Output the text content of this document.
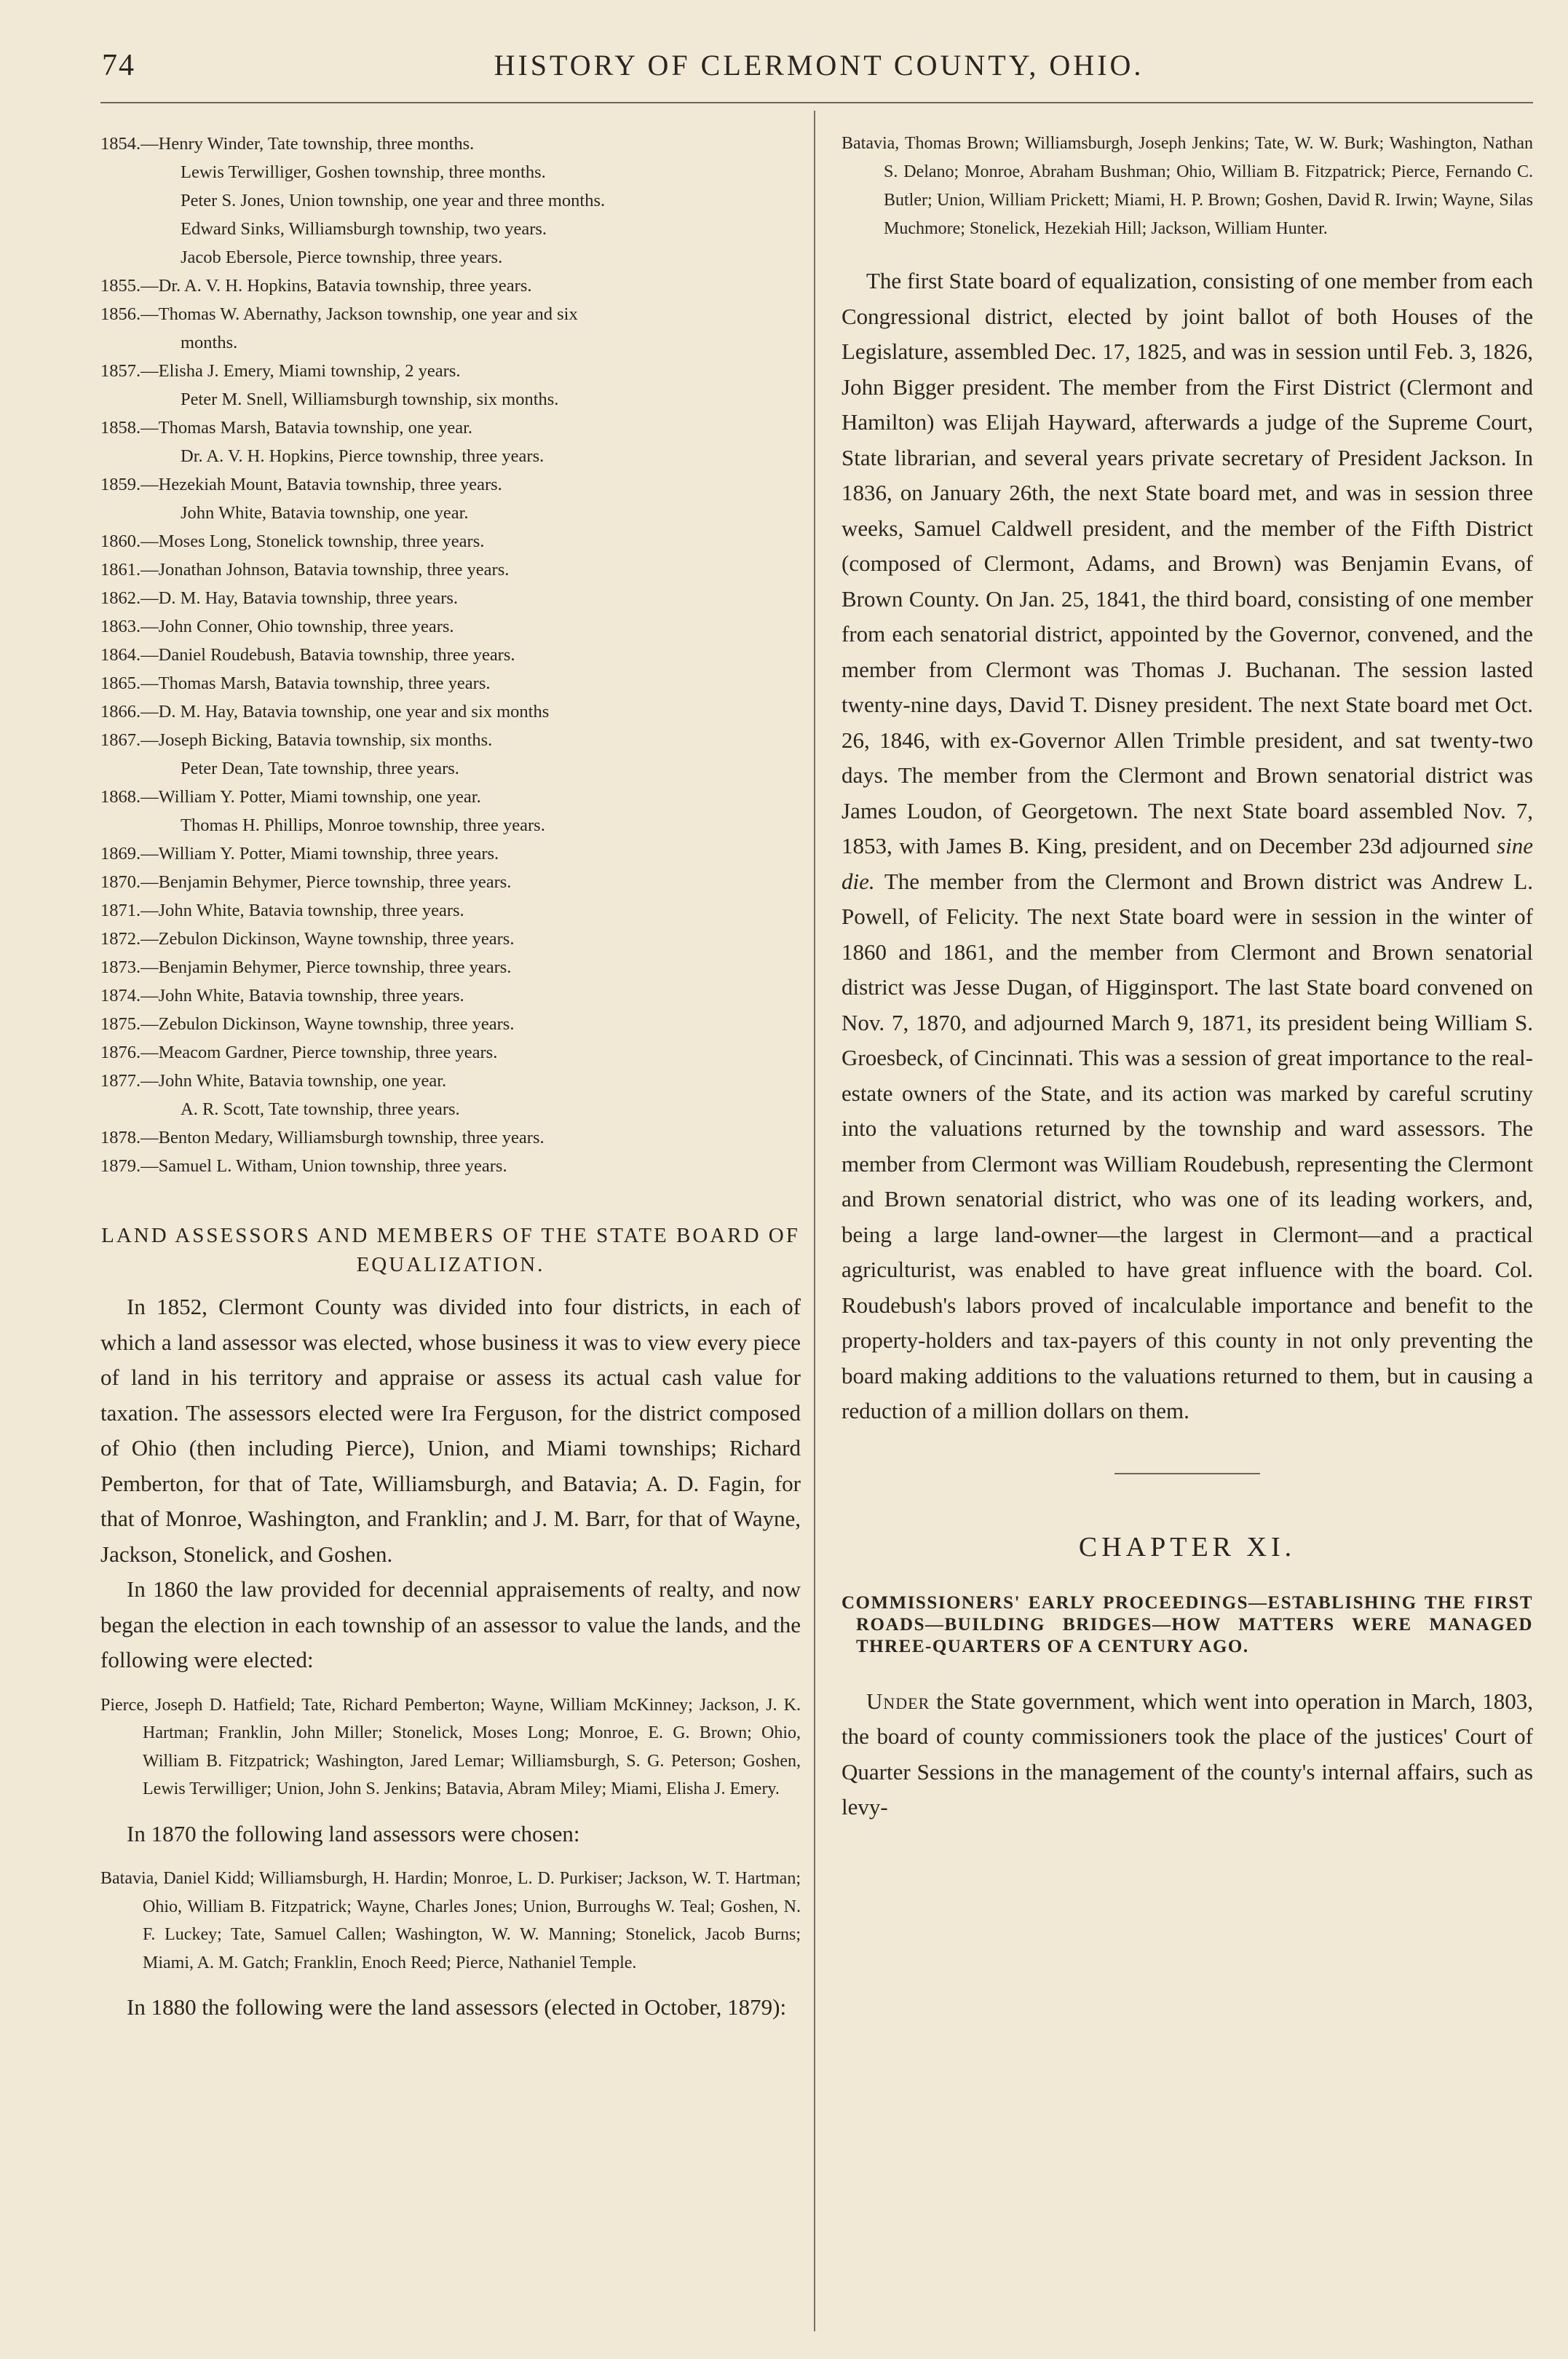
74	HISTORY OF CLERMONT COUNTY, OHIO.
1854.—Henry Winder, Tate township, three months.
Lewis Terwilliger, Goshen township, three months.
Peter S. Jones, Union township, one year and three months.
Edward Sinks, Williamsburgh township, two years.
Jacob Ebersole, Pierce township, three years.
1855.—Dr. A. V. H. Hopkins, Batavia township, three years.
1856.—Thomas W. Abernathy, Jackson township, one year and six
months.
1857.—Elisha J. Emery, Miami township, 2 years.
Peter M. Snell, Williamsburgh township, six months.
1858.—Thomas Marsh, Batavia township, one year.
Dr. A. V. H. Hopkins, Pierce township, three years.
1859.—Hezekiah Mount, Batavia township, three years.
John White, Batavia township, one year.
1860.—Moses Long, Stonelick township, three years.
1861.—Jonathan Johnson, Batavia township, three years.
1862.—D. M. Hay, Batavia township, three years.
1863.—John Conner, Ohio township, three years.
1864.—Daniel Roudebush, Batavia township, three years.
1865.—Thomas Marsh, Batavia township, three years.
1866.—D. M. Hay, Batavia township, one year and six months
1867.—Joseph Bicking, Batavia township, six months.
Peter Dean, Tate township, three years.
1868.—William Y. Potter, Miami township, one year.
Thomas H. Phillips, Monroe township, three years.
1869.—William Y. Potter, Miami township, three years.
1870.—Benjamin Behymer, Pierce township, three years.
1871.—John White, Batavia township, three years.
1872.—Zebulon Dickinson, Wayne township, three years.
1873.—Benjamin Behymer, Pierce township, three years.
1874.—John White, Batavia township, three years.
1875.—Zebulon Dickinson, Wayne township, three years.
1876.—Meacom Gardner, Pierce township, three years.
1877.—John White, Batavia township, one year.
A. R. Scott, Tate township, three years.
1878.—Benton Medary, Williamsburgh township, three years.
1879.—Samuel L. Witham, Union township, three years.
LAND ASSESSORS AND MEMBERS OF THE STATE BOARD OF EQUALIZATION.

In 1852, Clermont County was divided into four districts, in each of which a land assessor was elected, whose business it was to view every piece of land in his territory and appraise or assess its actual cash value for taxation. The assessors elected were Ira Ferguson, for the district composed of Ohio (then including Pierce), Union, and Miami townships; Richard Pemberton, for that of Tate, Williamsburgh, and Batavia; A. D. Fagin, for that of Monroe, Washington, and Franklin; and J. M. Barr, for that of Wayne, Jackson, Stonelick, and Goshen.

In 1860 the law provided for decennial appraisements of realty, and now began the election in each township of an assessor to value the lands, and the following were elected:

Pierce, Joseph D. Hatfield; Tate, Richard Pemberton; Wayne, William McKinney; Jackson, J. K. Hartman; Franklin, John Miller; Stonelick, Moses Long; Monroe, E. G. Brown; Ohio, William B. Fitzpatrick; Washington, Jared Lemar; Williamsburgh, S. G. Peterson; Goshen, Lewis Terwilliger; Union, John S. Jenkins; Batavia, Abram Miley; Miami, Elisha J. Emery.

In 1870 the following land assessors were chosen:

Batavia, Daniel Kidd; Williamsburgh, H. Hardin; Monroe, L. D. Purkiser; Jackson, W. T. Hartman; Ohio, William B. Fitzpatrick; Wayne, Charles Jones; Union, Burroughs W. Teal; Goshen, N. F. Luckey; Tate, Samuel Callen; Washington, W. W. Manning; Stonelick, Jacob Burns; Miami, A. M. Gatch; Franklin, Enoch Reed; Pierce, Nathaniel Temple.

In 1880 the following were the land assessors (elected in October, 1879):

Batavia, Thomas Brown; Williamsburgh, Joseph Jenkins; Tate, W. W. Burk; Washington, Nathan S. Delano; Monroe, Abraham Bushman; Ohio, William B. Fitzpatrick; Pierce, Fernando C. Butler; Union, William Prickett; Miami, H. P. Brown; Goshen, David R. Irwin; Wayne, Silas Muchmore; Stonelick, Hezekiah Hill; Jackson, William Hunter.

The first State board of equalization, consisting of one member from each Congressional district, elected by joint ballot of both Houses of the Legislature, assembled Dec. 17, 1825, and was in session until Feb. 3, 1826, John Bigger president. The member from the First District (Clermont and Hamilton) was Elijah Hayward, afterwards a judge of the Supreme Court, State librarian, and several years private secretary of President Jackson. In 1836, on January 26th, the next State board met, and was in session three weeks, Samuel Caldwell president, and the member of the Fifth District (composed of Clermont, Adams, and Brown) was Benjamin Evans, of Brown County. On Jan. 25, 1841, the third board, consisting of one member from each senatorial district, appointed by the Governor, convened, and the member from Clermont was Thomas J. Buchanan. The session lasted twenty-nine days, David T. Disney president. The next State board met Oct. 26, 1846, with ex-Governor Allen Trimble president, and sat twenty-two days. The member from the Clermont and Brown senatorial district was James Loudon, of Georgetown. The next State board assembled Nov. 7, 1853, with James B. King, president, and on December 23d adjourned sine die. The member from the Clermont and Brown district was Andrew L. Powell, of Felicity. The next State board were in session in the winter of 1860 and 1861, and the member from Clermont and Brown senatorial district was Jesse Dugan, of Higginsport. The last State board convened on Nov. 7, 1870, and adjourned March 9, 1871, its president being William S. Groesbeck, of Cincinnati. This was a session of great importance to the real-estate owners of the State, and its action was marked by careful scrutiny into the valuations returned by the township and ward assessors. The member from Clermont was William Roudebush, representing the Clermont and Brown senatorial district, who was one of its leading workers, and, being a large land-owner—the largest in Clermont—and a practical agriculturist, was enabled to have great influence with the board. Col. Roudebush's labors proved of incalculable importance and benefit to the property-holders and tax-payers of this county in not only preventing the board making additions to the valuations returned to them, but in causing a reduction of a million dollars on them.

CHAPTER XI.
COMMISSIONERS' EARLY PROCEEDINGS—ESTABLISHING THE FIRST ROADS—BUILDING BRIDGES—HOW MATTERS WERE MANAGED THREE-QUARTERS OF A CENTURY AGO.

Under the State government, which went into operation in March, 1803, the board of county commissioners took the place of the justices' Court of Quarter Sessions in the management of the county's internal affairs, such as levy-
